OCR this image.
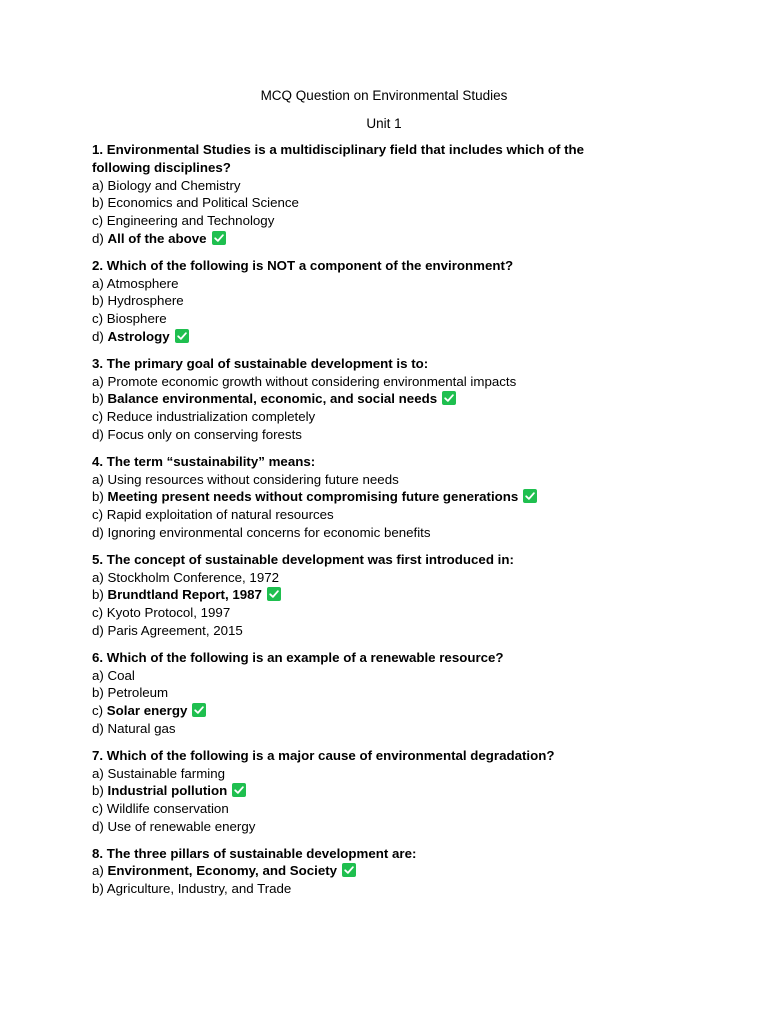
MCQ Question on Environmental Studies
Unit 1
1. Environmental Studies is a multidisciplinary field that includes which of the following disciplines?
a) Biology and Chemistry
b) Economics and Political Science
c) Engineering and Technology
d) All of the above
2. Which of the following is NOT a component of the environment?
a) Atmosphere
b) Hydrosphere
c) Biosphere
d) Astrology
3. The primary goal of sustainable development is to:
a) Promote economic growth without considering environmental impacts
b) Balance environmental, economic, and social needs
c) Reduce industrialization completely
d) Focus only on conserving forests
4. The term “sustainability” means:
a) Using resources without considering future needs
b) Meeting present needs without compromising future generations
c) Rapid exploitation of natural resources
d) Ignoring environmental concerns for economic benefits
5. The concept of sustainable development was first introduced in:
a) Stockholm Conference, 1972
b) Brundtland Report, 1987
c) Kyoto Protocol, 1997
d) Paris Agreement, 2015
6. Which of the following is an example of a renewable resource?
a) Coal
b) Petroleum
c) Solar energy
d) Natural gas
7. Which of the following is a major cause of environmental degradation?
a) Sustainable farming
b) Industrial pollution
c) Wildlife conservation
d) Use of renewable energy
8. The three pillars of sustainable development are:
a) Environment, Economy, and Society
b) Agriculture, Industry, and Trade
